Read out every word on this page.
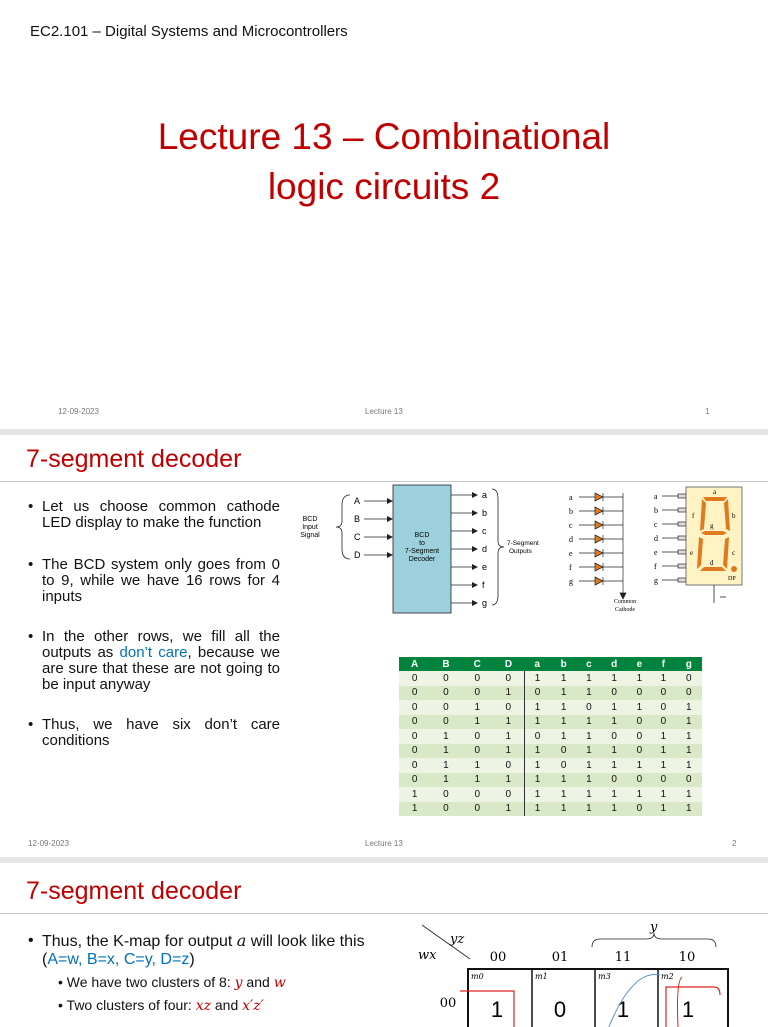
EC2.101 – Digital Systems and Microcontrollers
Lecture 13 – Combinational
logic circuits 2
12-09-2023	Lecture 13	1
7-segment decoder
• Let us choose common cathode LED display to make the function
• The BCD system only goes from 0 to 9, while we have 16 rows for 4 inputs
• In the other rows, we fill all the outputs as don’t care, because we are sure that these are not going to be input anyway
• Thus, we have six don’t care conditions
BCD
Input
Signal
A
B
C
D
BCD
to
7-Segment
Decoder
a
b
c
d
e
f
g
7-Segment
Outputs
a
b
c
d
e
f
g
Common
Cathode
a
b
c
d
e
f
g
a
f	b
g
e	c
d
DP
A	B	C	D	a	b	c	d	e	f	g
0	0	0	0	1	1	1	1	1	1	0
0	0	0	1	0	1	1	0	0	0	0
0	0	1	0	1	1	0	1	1	0	1
0	0	1	1	1	1	1	1	0	0	1
0	1	0	1	0	1	1	0	0	1	1
0	1	0	1	1	0	1	1	0	1	1
0	1	1	0	1	0	1	1	1	1	1
0	1	1	1	1	1	1	0	0	0	0
1	0	0	0	1	1	1	1	1	1	1
1	0	0	1	1	1	1	1	0	1	1
12-09-2023	Lecture 13	2
7-segment decoder
• Thus, the K-map for output a will look like this (A=w, B=x, C=y, D=z)
• We have two clusters of 8: y and w
• Two clusters of four: xz and x′z′
yz
wx
y
00	01	11	10
00
m0	m1	m3	m2
1 0 1 1
